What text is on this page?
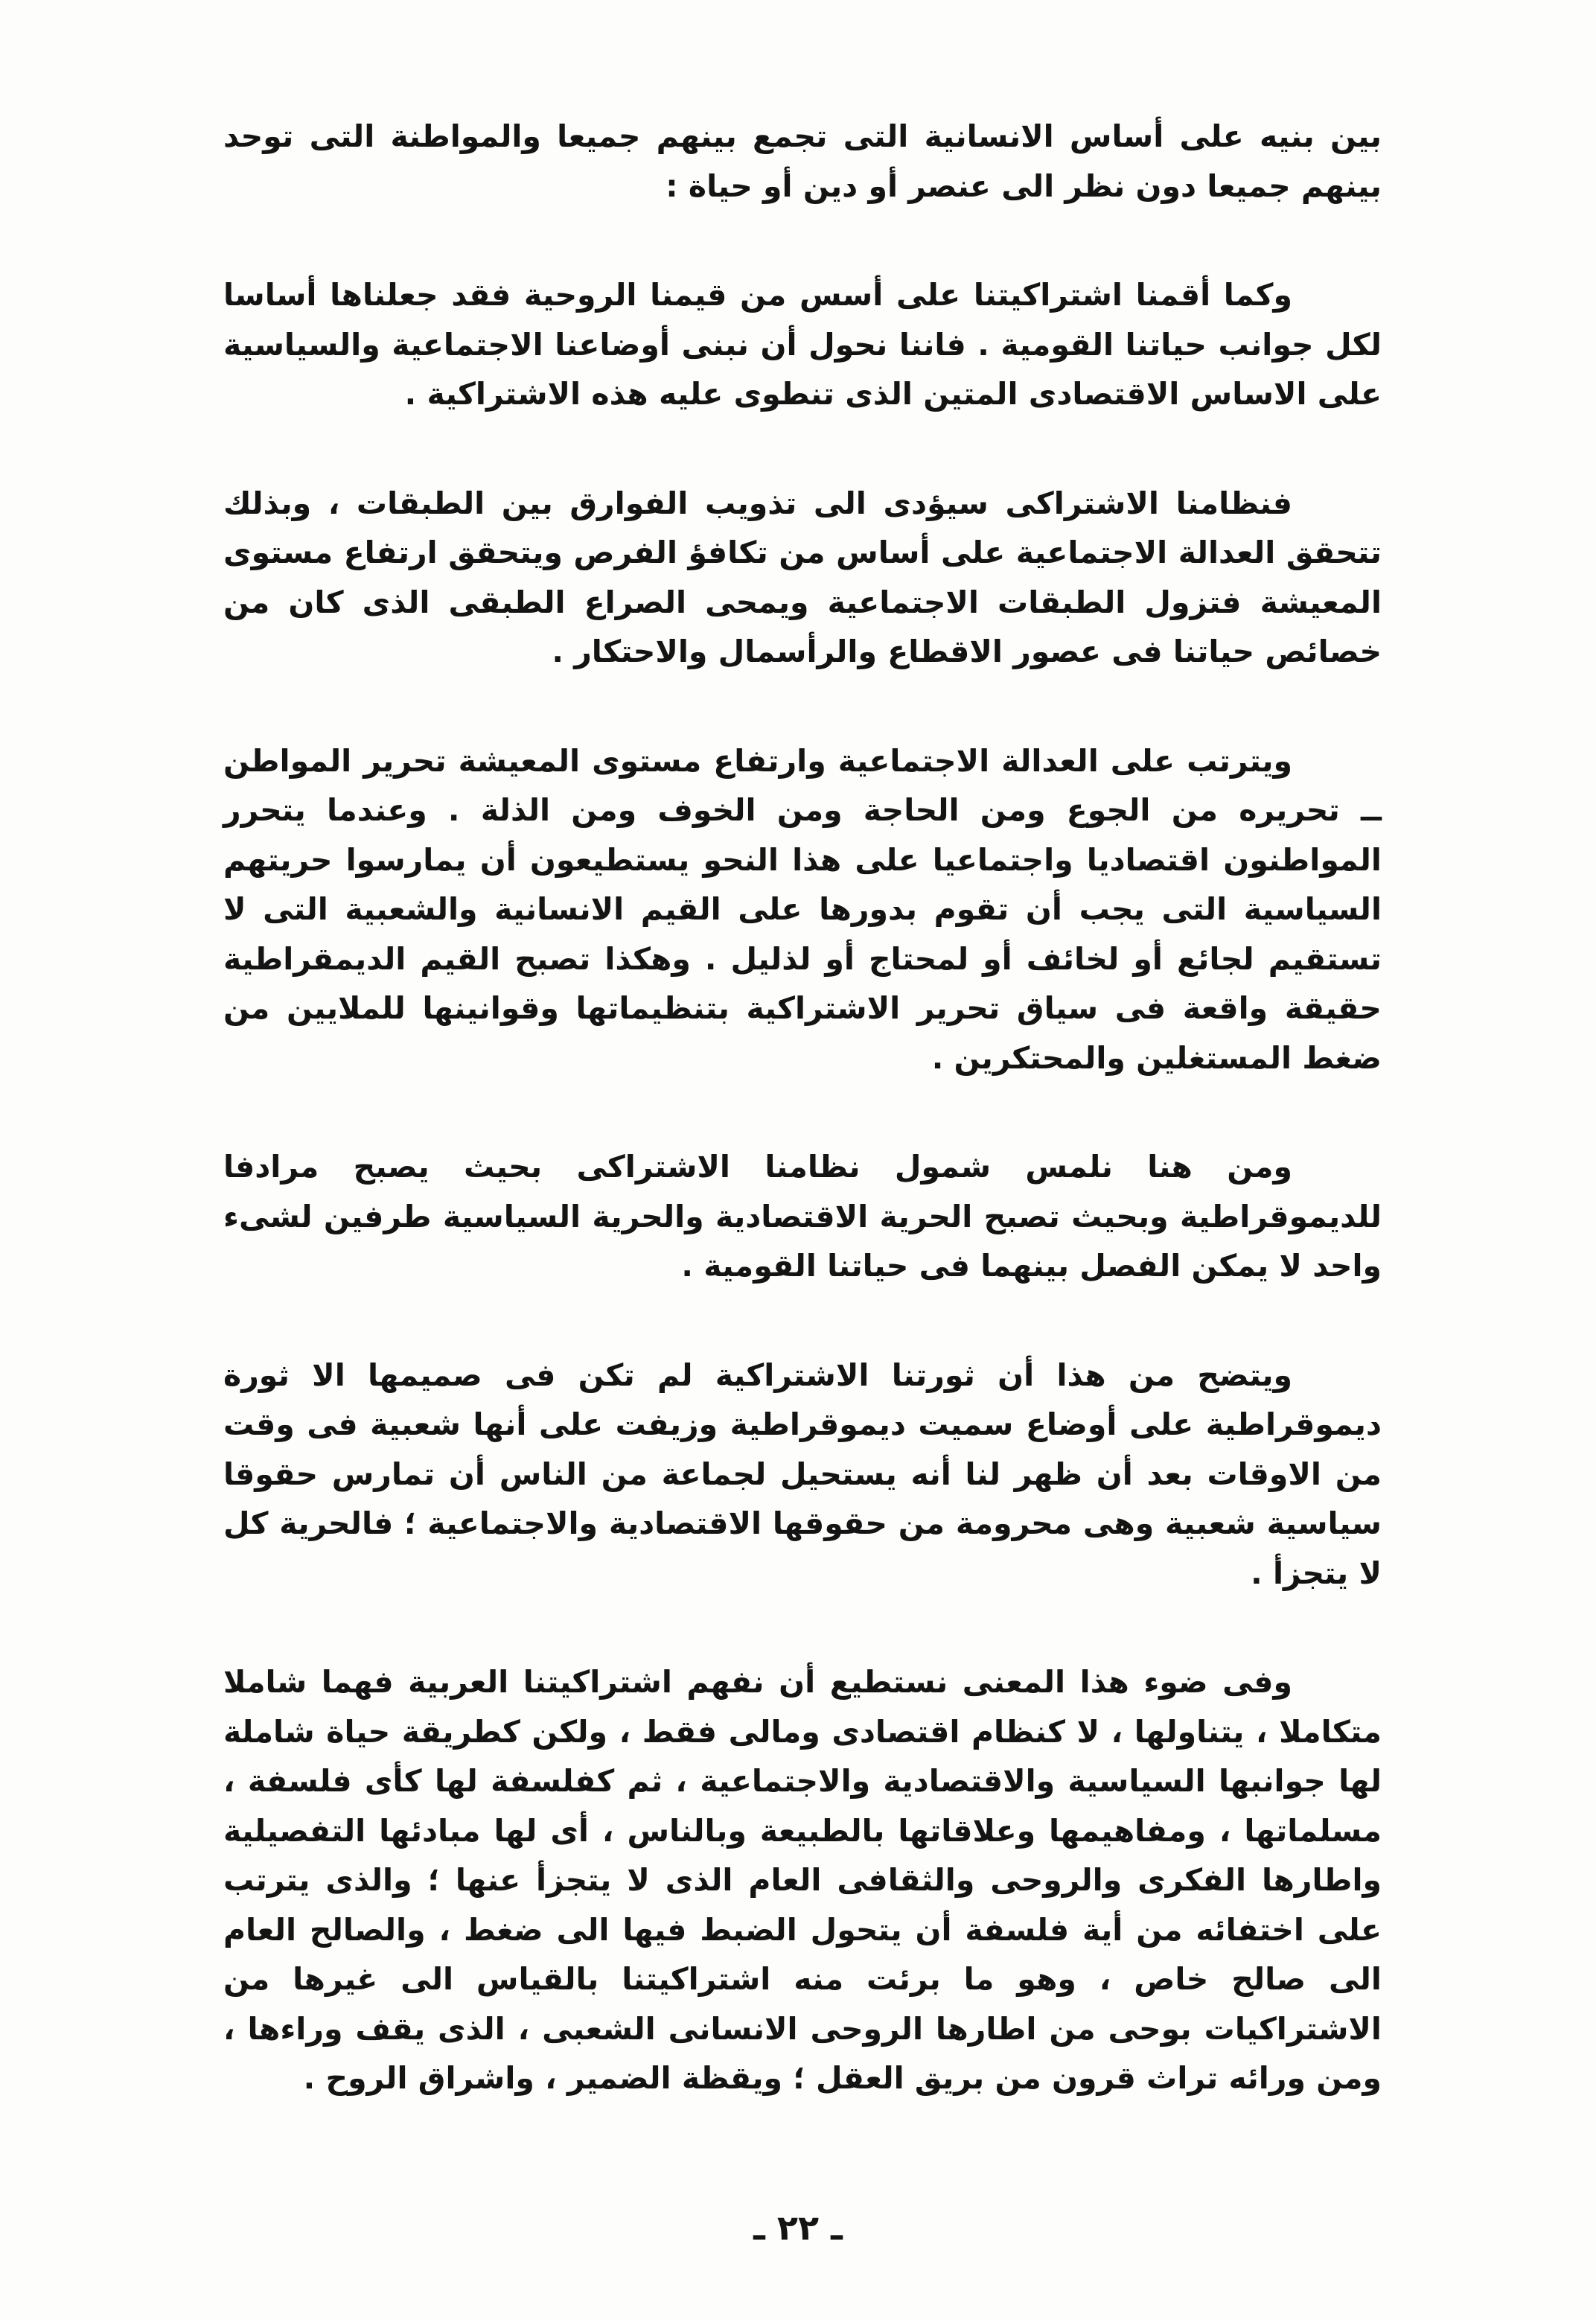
بين بنيه على أساس الانسانية التى تجمع بينهم جميعا والمواطنة التى توحد بينهم جميعا دون نظر الى عنصر أو دين أو حياة :

وكما أقمنا اشتراكيتنا على أسس من قيمنا الروحية فقد جعلناها أساسا لكل جوانب حياتنا القومية . فاننا نحول أن نبنى أوضاعنا الاجتماعية والسياسية على الاساس الاقتصادى المتين الذى تنطوى عليه هذه الاشتراكية .

فنظامنا الاشتراكى سيؤدى الى تذويب الفوارق بين الطبقات ، وبذلك تتحقق العدالة الاجتماعية على أساس من تكافؤ الفرص ويتحقق ارتفاع مستوى المعيشة فتزول الطبقات الاجتماعية ويمحى الصراع الطبقى الذى كان من خصائص حياتنا فى عصور الاقطاع والرأسمال والاحتكار .

ويترتب على العدالة الاجتماعية وارتفاع مستوى المعيشة تحرير المواطن ــ تحريره من الجوع ومن الحاجة ومن الخوف ومن الذلة . وعندما يتحرر المواطنون اقتصاديا واجتماعيا على هذا النحو يستطيعون أن يمارسوا حريتهم السياسية التى يجب أن تقوم بدورها على القيم الانسانية والشعبية التى لا تستقيم لجائع أو لخائف أو لمحتاج أو لذليل . وهكذا تصبح القيم الديمقراطية حقيقة واقعة فى سياق تحرير الاشتراكية بتنظيماتها وقوانينها للملايين من ضغط المستغلين والمحتكرين .

ومن هنا نلمس شمول نظامنا الاشتراكى بحيث يصبح مرادفا للديموقراطية وبحيث تصبح الحرية الاقتصادية والحرية السياسية طرفين لشىء واحد لا يمكن الفصل بينهما فى حياتنا القومية .

ويتضح من هذا أن ثورتنا الاشتراكية لم تكن فى صميمها الا ثورة ديموقراطية على أوضاع سميت ديموقراطية وزيفت على أنها شعبية فى وقت من الاوقات بعد أن ظهر لنا أنه يستحيل لجماعة من الناس أن تمارس حقوقا سياسية شعبية وهى محرومة من حقوقها الاقتصادية والاجتماعية ؛ فالحرية كل لا يتجزأ .

وفى ضوء هذا المعنى نستطيع أن نفهم اشتراكيتنا العربية فهما شاملا متكاملا ، يتناولها ، لا كنظام اقتصادى ومالى فقط ، ولكن كطريقة حياة شاملة لها جوانبها السياسية والاقتصادية والاجتماعية ، ثم كفلسفة لها كأى فلسفة ، مسلماتها ، ومفاهيمها وعلاقاتها بالطبيعة وبالناس ، أى لها مبادئها التفصيلية واطارها الفكرى والروحى والثقافى العام الذى لا يتجزأ عنها ؛ والذى يترتب على اختفائه من أية فلسفة أن يتحول الضبط فيها الى ضغط ، والصالح العام الى صالح خاص ، وهو ما برئت منه اشتراكيتنا بالقياس الى غيرها من الاشتراكيات بوحى من اطارها الروحى الانسانى الشعبى ، الذى يقف وراءها ، ومن ورائه تراث قرون من بريق العقل ؛ ويقظة الضمير ، واشراق الروح .

ـ ٢٢ ـ
